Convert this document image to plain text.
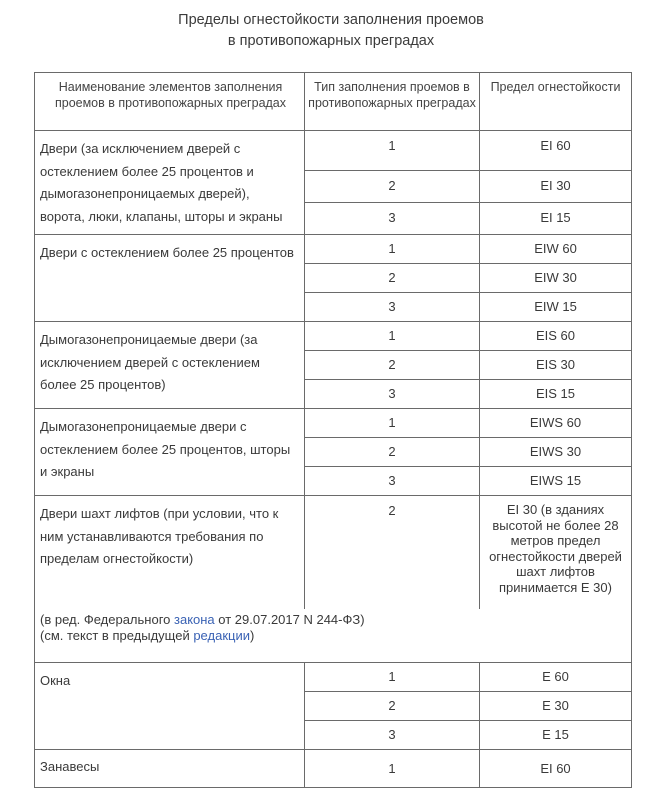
Пределы огнестойкости заполнения проемов
в противопожарных преградах
Наименование элементов заполнения проемов в противопожарных преградах	Тип заполнения проемов в противопожарных преградах	Предел огнестойкости
Двери (за исключением дверей с остеклением более 25 процентов и дымогазонепроницаемых дверей), ворота, люки, клапаны, шторы и экраны	1	EI 60
	2	EI 30
	3	EI 15
Двери с остеклением более 25 процентов	1	EIW 60
	2	EIW 30
	3	EIW 15
Дымогазонепроницаемые двери (за исключением дверей с остеклением более 25 процентов)	1	EIS 60
	2	EIS 30
	3	EIS 15
Дымогазонепроницаемые двери с остеклением более 25 процентов, шторы и экраны	1	EIWS 60
	2	EIWS 30
	3	EIWS 15
Двери шахт лифтов (при условии, что к ним устанавливаются требования по пределам огнестойкости)	2	EI 30 (в зданиях высотой не более 28 метров предел огнестойкости дверей шахт лифтов принимается E 30)

(в ред. Федерального закона от 29.07.2017 N 244-ФЗ)
(см. текст в предыдущей редакции)		

Окна	1	E 60
	2	E 30
	3	E 15
Занавесы	1	EI 60
